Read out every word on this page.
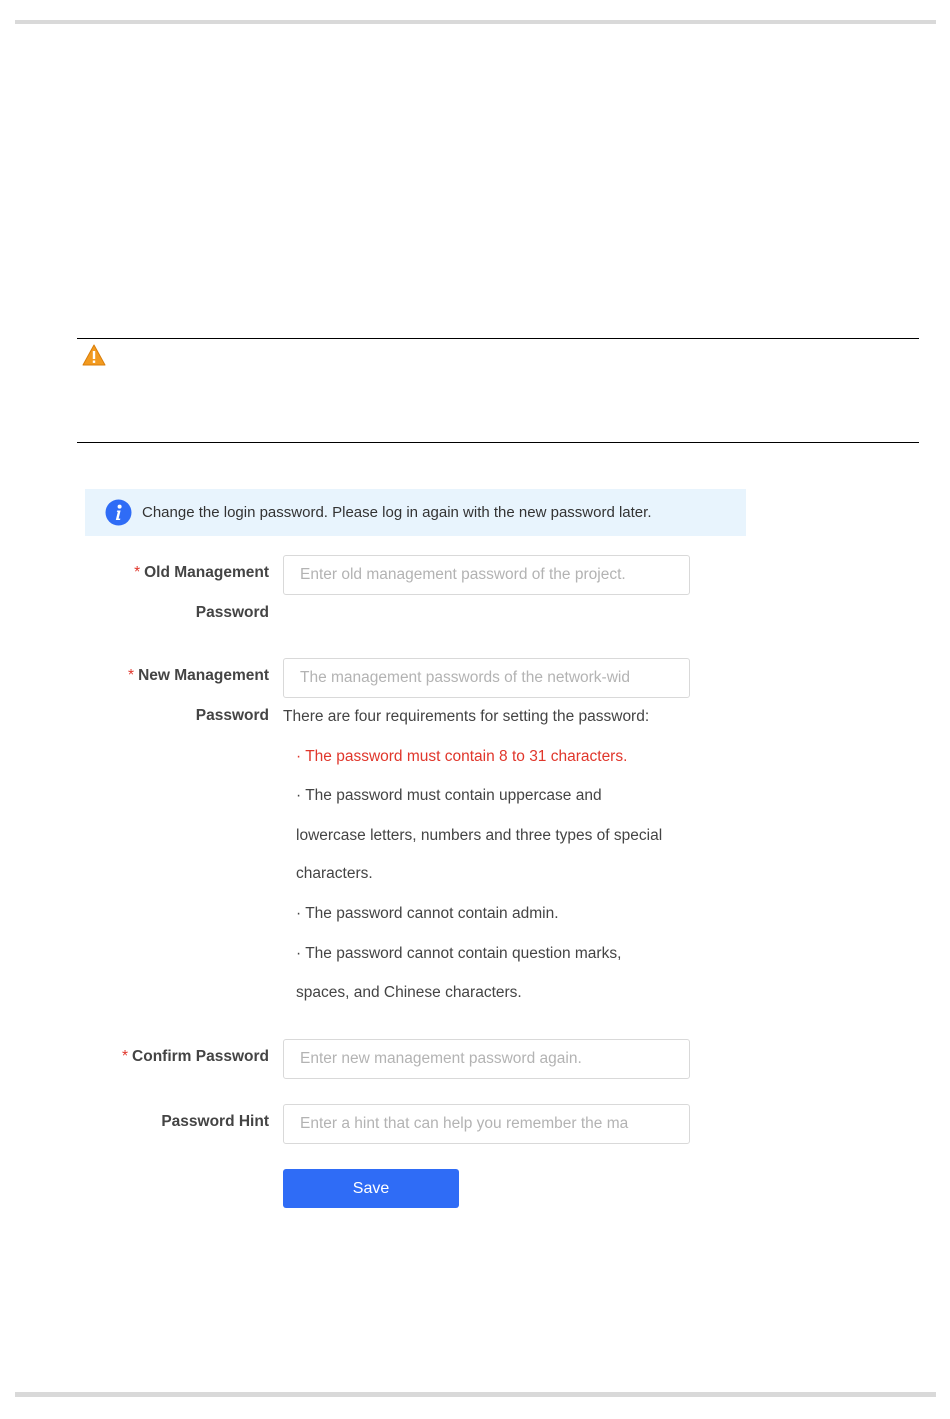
Change the login password. Please log in again with the new password later.
* Old Management
Password
Enter old management password of the project.
* New Management
Password
The management passwords of the network-wid There are four requirements for setting the password:
· The password must contain 8 to 31 characters.
· The password must contain uppercase and
lowercase letters, numbers and three types of special
characters.
· The password cannot contain admin.
· The password cannot contain question marks,
spaces, and Chinese characters.
* Confirm Password
Enter new management password again.
Password Hint
Enter a hint that can help you remember the ma
Save
